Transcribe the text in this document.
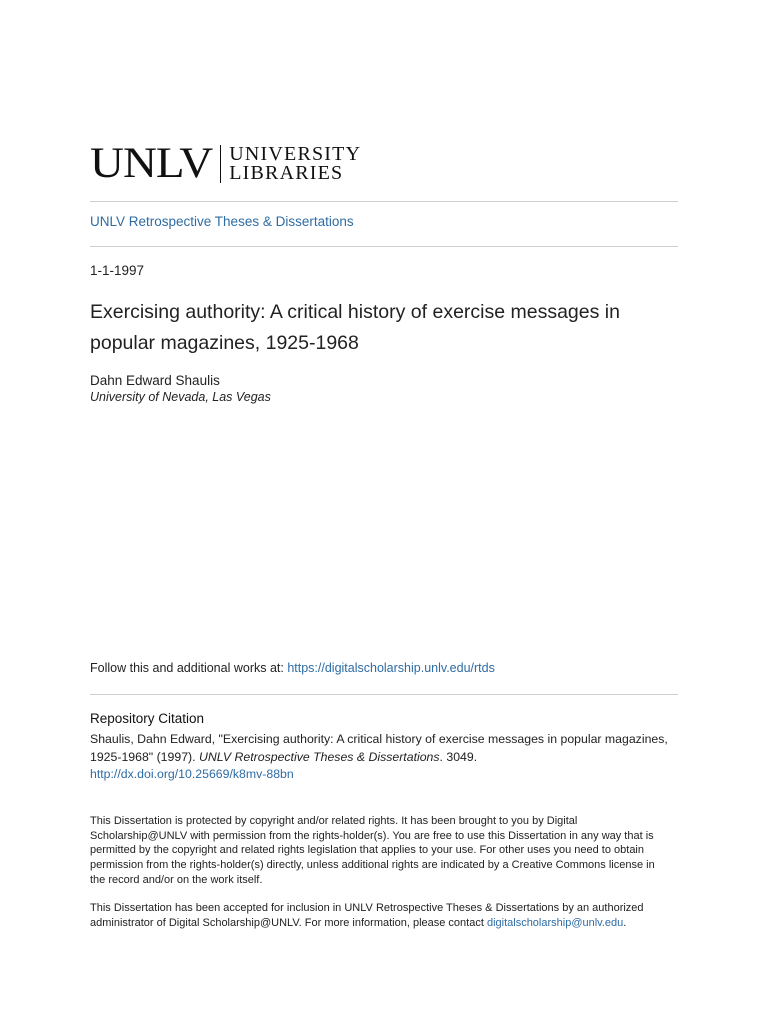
UNLV UNIVERSITY
LIBRARIES
UNLV Retrospective Theses & Dissertations
1-1-1997
Exercising authority: A critical history of exercise messages in popular magazines, 1925-1968
Dahn Edward Shaulis
University of Nevada, Las Vegas
Follow this and additional works at: https://digitalscholarship.unlv.edu/rtds
Repository Citation
Shaulis, Dahn Edward, "Exercising authority: A critical history of exercise messages in popular magazines, 1925-1968" (1997). UNLV Retrospective Theses & Dissertations. 3049.
http://dx.doi.org/10.25669/k8mv-88bn
This Dissertation is protected by copyright and/or related rights. It has been brought to you by Digital Scholarship@UNLV with permission from the rights-holder(s). You are free to use this Dissertation in any way that is permitted by the copyright and related rights legislation that applies to your use. For other uses you need to obtain permission from the rights-holder(s) directly, unless additional rights are indicated by a Creative Commons license in the record and/or on the work itself.
This Dissertation has been accepted for inclusion in UNLV Retrospective Theses & Dissertations by an authorized administrator of Digital Scholarship@UNLV. For more information, please contact digitalscholarship@unlv.edu.
